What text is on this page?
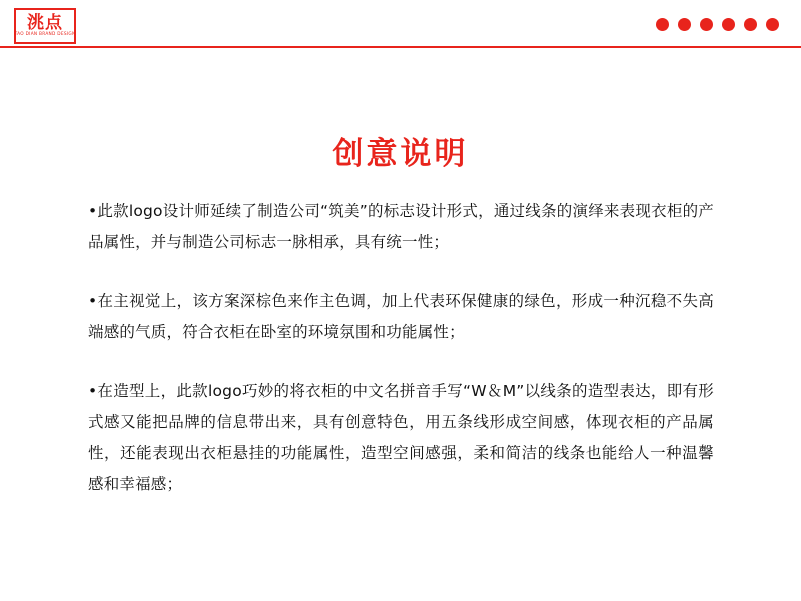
洮点
TAO DIAN BRAND DESIGN
创意说明

•此款logo设计师延续了制造公司“筑美”的标志设计形式，通过线条的演绎来表现衣柜的产品属性，并与制造公司标志一脉相承，具有统一性；

•在主视觉上，该方案深棕色来作主色调，加上代表环保健康的绿色，形成一种沉稳不失高端感的气质，符合衣柜在卧室的环境氛围和功能属性；

•在造型上，此款logo巧妙的将衣柜的中文名拼音手写“W＆M”以线条的造型表达，即有形式感又能把品牌的信息带出来，具有创意特色，用五条线形成空间感，体现衣柜的产品属性，还能表现出衣柜悬挂的功能属性，造型空间感强，柔和简洁的线条也能给人一种温馨感和幸福感；
